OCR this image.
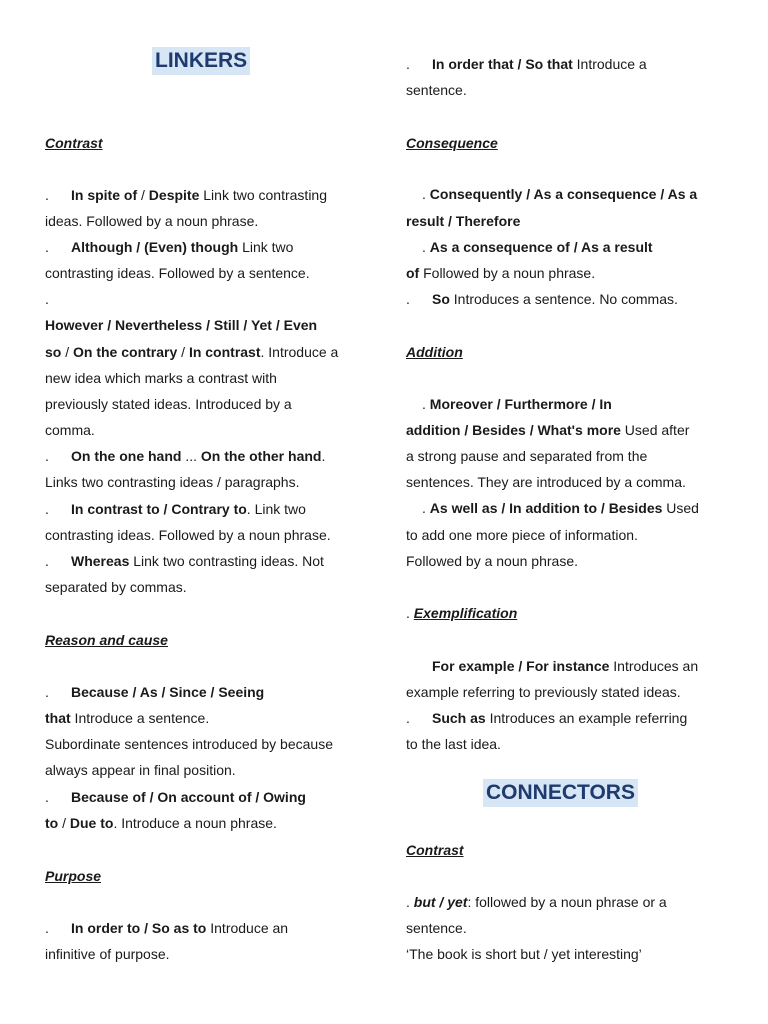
LINKERS
CONNECTORS
Contrast
. In spite of / Despite Link two contrasting
ideas. Followed by a noun phrase.
. Although / (Even) though Link two
contrasting ideas. Followed by a sentence.
.
However / Nevertheless / Still / Yet / Even
so / On the contrary / In contrast. Introduce a
new idea which marks a contrast with
previously stated ideas. Introduced by a
comma.
. On the one hand ... On the other hand.
Links two contrasting ideas / paragraphs.
. In contrast to / Contrary to. Link two
contrasting ideas. Followed by a noun phrase.
. Whereas Link two contrasting ideas. Not
separated by commas.
Reason and cause
. Because / As / Since / Seeing
that Introduce a sentence.
Subordinate sentences introduced by because
always appear in final position.
. Because of / On account of / Owing
to / Due to. Introduce a noun phrase.
Purpose
. In order to / So as to Introduce an
infinitive of purpose.
. In order that / So that Introduce a
sentence.
Consequence
. Consequently / As a consequence / As a
result / Therefore
. As a consequence of / As a result
of Followed by a noun phrase.
. So Introduces a sentence. No commas.
Addition
. Moreover / Furthermore / In
addition / Besides / What's more Used after
a strong pause and separated from the
sentences. They are introduced by a comma.
. As well as / In addition to / Besides Used
to add one more piece of information.
Followed by a noun phrase.
. Exemplification
For example / For instance Introduces an
example referring to previously stated ideas.
. Such as Introduces an example referring
to the last idea.
Contrast
. but / yet: followed by a noun phrase or a
sentence.
‘The book is short but / yet interesting’
